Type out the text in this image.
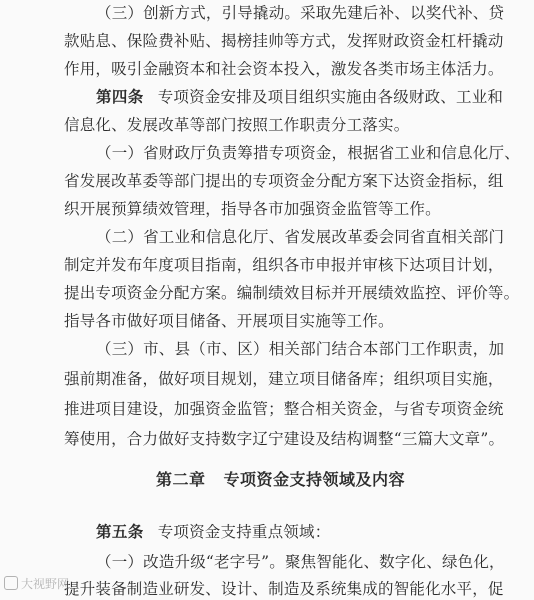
（三）创新方式，引导撬动。采取先建后补、以奖代补、贷
款贴息、保险费补贴、揭榜挂帅等方式，发挥财政资金杠杆撬动
作用，吸引金融资本和社会资本投入，激发各类市场主体活力。
第四条 专项资金安排及项目组织实施由各级财政、工业和
信息化、发展改革等部门按照工作职责分工落实。
（一）省财政厅负责筹措专项资金，根据省工业和信息化厅、
省发展改革委等部门提出的专项资金分配方案下达资金指标，组
织开展预算绩效管理，指导各市加强资金监管等工作。
（二）省工业和信息化厅、省发展改革委会同省直相关部门
制定并发布年度项目指南，组织各市申报并审核下达项目计划，
提出专项资金分配方案。编制绩效目标并开展绩效监控、评价等。
指导各市做好项目储备、开展项目实施等工作。
（三）市、县（市、区）相关部门结合本部门工作职责，加
强前期准备，做好项目规划，建立项目储备库；组织项目实施，
推进项目建设，加强资金监管；整合相关资金，与省专项资金统
第二章 专项资金支持领域及内容
第五条 专项资金支持重点领域：
（一）改造升级“老字号”。聚焦智能化、数字化、绿色化，
提升装备制造业研发、设计、制造及系统集成的智能化水平，促
大视野网
筹使用，合力做好支持数字辽宁建设及结构调整“三篇大文章”。
